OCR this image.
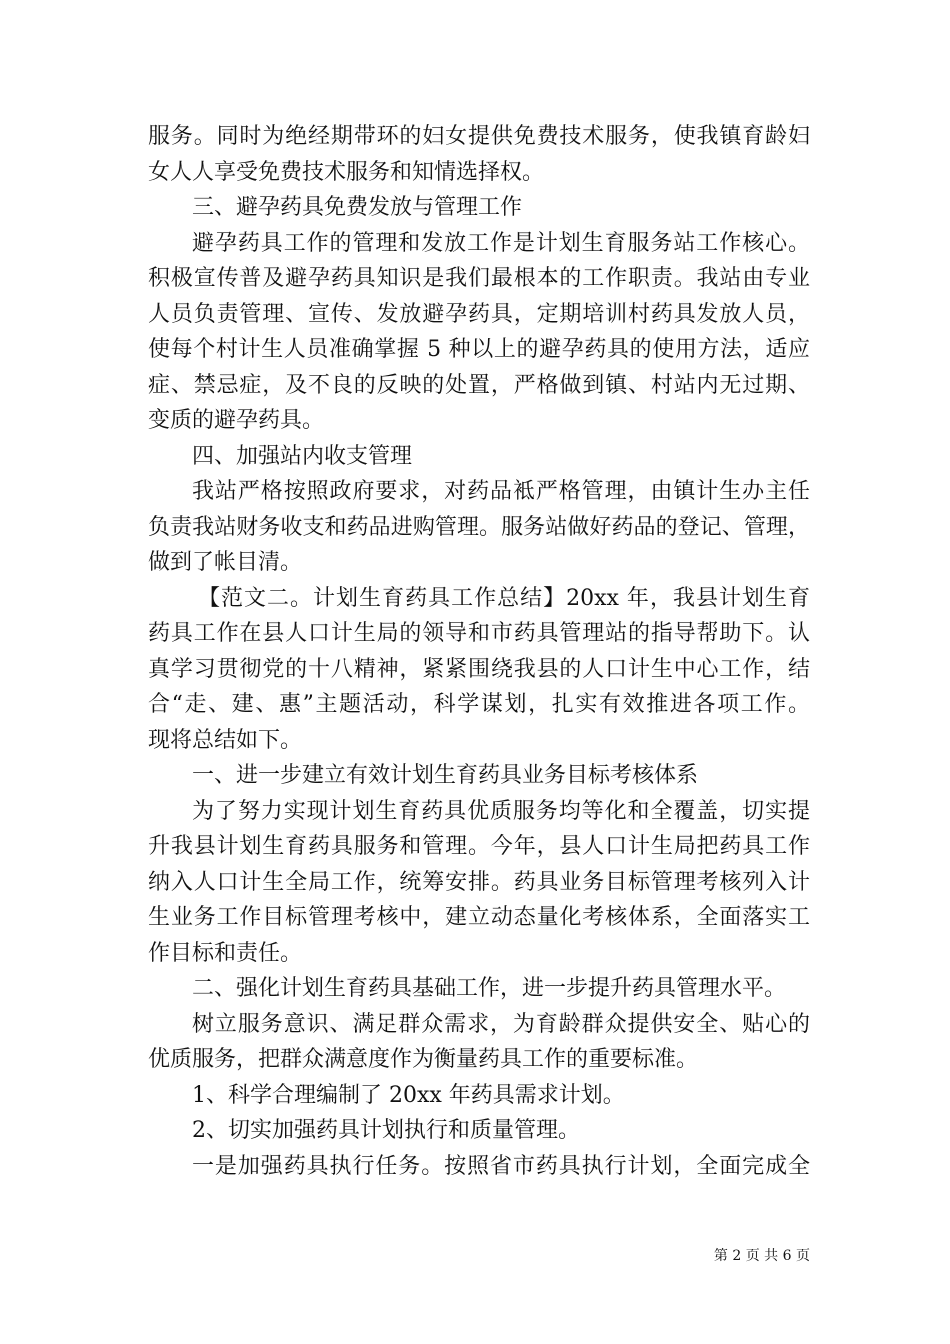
服务。同时为绝经期带环的妇女提供免费技术服务，使我镇育龄妇
女人人享受免费技术服务和知情选择权。
三、避孕药具免费发放与管理工作
避孕药具工作的管理和发放工作是计划生育服务站工作核心。
积极宣传普及避孕药具知识是我们最根本的工作职责。我站由专业
人员负责管理、宣传、发放避孕药具，定期培训村药具发放人员，
使每个村计生人员准确掌握 5 种以上的避孕药具的使用方法，适应
症、禁忌症，及不良的反映的处置，严格做到镇、村站内无过期、
变质的避孕药具。
四、加强站内收支管理
我站严格按照政府要求，对药品袛严格管理，由镇计生办主任
负责我站财务收支和药品进购管理。服务站做好药品的登记、管理，
做到了帐目清。
【范文二。计划生育药具工作总结】20xx 年，我县计划生育
药具工作在县人口计生局的领导和市药具管理站的指导帮助下。认
真学习贯彻党的十八精神，紧紧围绕我县的人口计生中心工作，结
合“走、建、惠”主题活动，科学谋划，扎实有效推进各项工作。
现将总结如下。
一、进一步建立有效计划生育药具业务目标考核体系
为了努力实现计划生育药具优质服务均等化和全覆盖，切实提
升我县计划生育药具服务和管理。今年，县人口计生局把药具工作
纳入人口计生全局工作，统筹安排。药具业务目标管理考核列入计
生业务工作目标管理考核中，建立动态量化考核体系，全面落实工
作目标和责任。
二、强化计划生育药具基础工作，进一步提升药具管理水平。
树立服务意识、满足群众需求，为育龄群众提供安全、贴心的
优质服务，把群众满意度作为衡量药具工作的重要标准。
1、科学合理编制了 20xx 年药具需求计划。
2、切实加强药具计划执行和质量管理。
一是加强药具执行任务。按照省市药具执行计划，全面完成全
第 2 页 共 6 页
